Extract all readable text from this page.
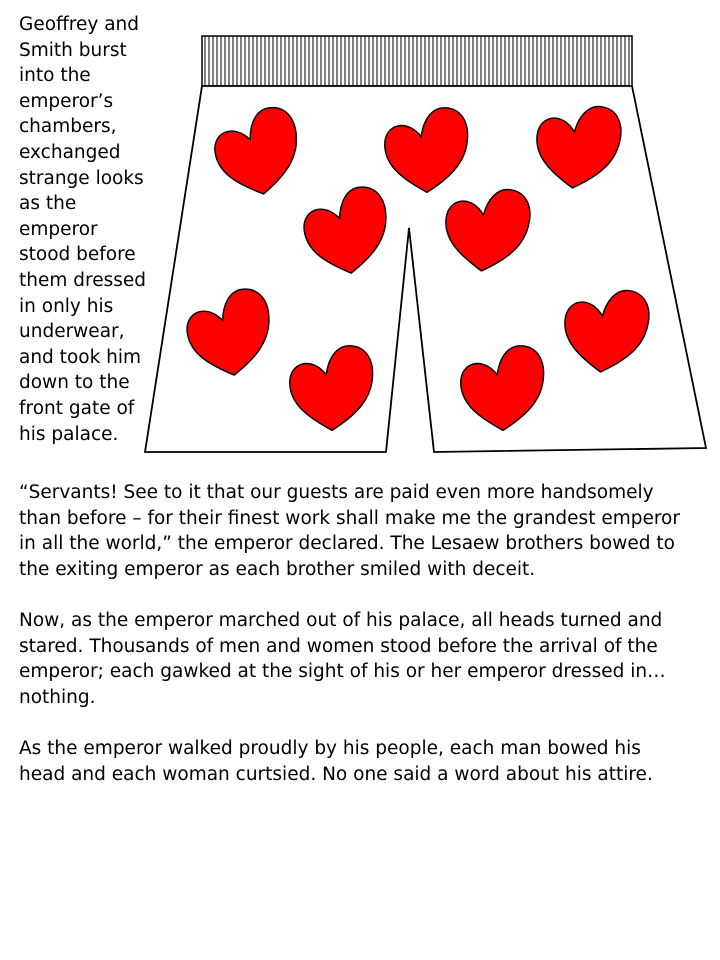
Geoffrey and
Smith burst
into the
emperor’s
chambers,
exchanged
strange looks
as the
emperor
stood before
them dressed
in only his
underwear,
and took him
down to the
front gate of
his palace.

“Servants! See to it that our guests are paid even more handsomely
than before – for their finest work shall make me the grandest emperor
in all the world,” the emperor declared. The Lesaew brothers bowed to
the exiting emperor as each brother smiled with deceit.

Now, as the emperor marched out of his palace, all heads turned and
stared. Thousands of men and women stood before the arrival of the
emperor; each gawked at the sight of his or her emperor dressed in…
nothing.

As the emperor walked proudly by his people, each man bowed his
head and each woman curtsied. No one said a word about his attire.
